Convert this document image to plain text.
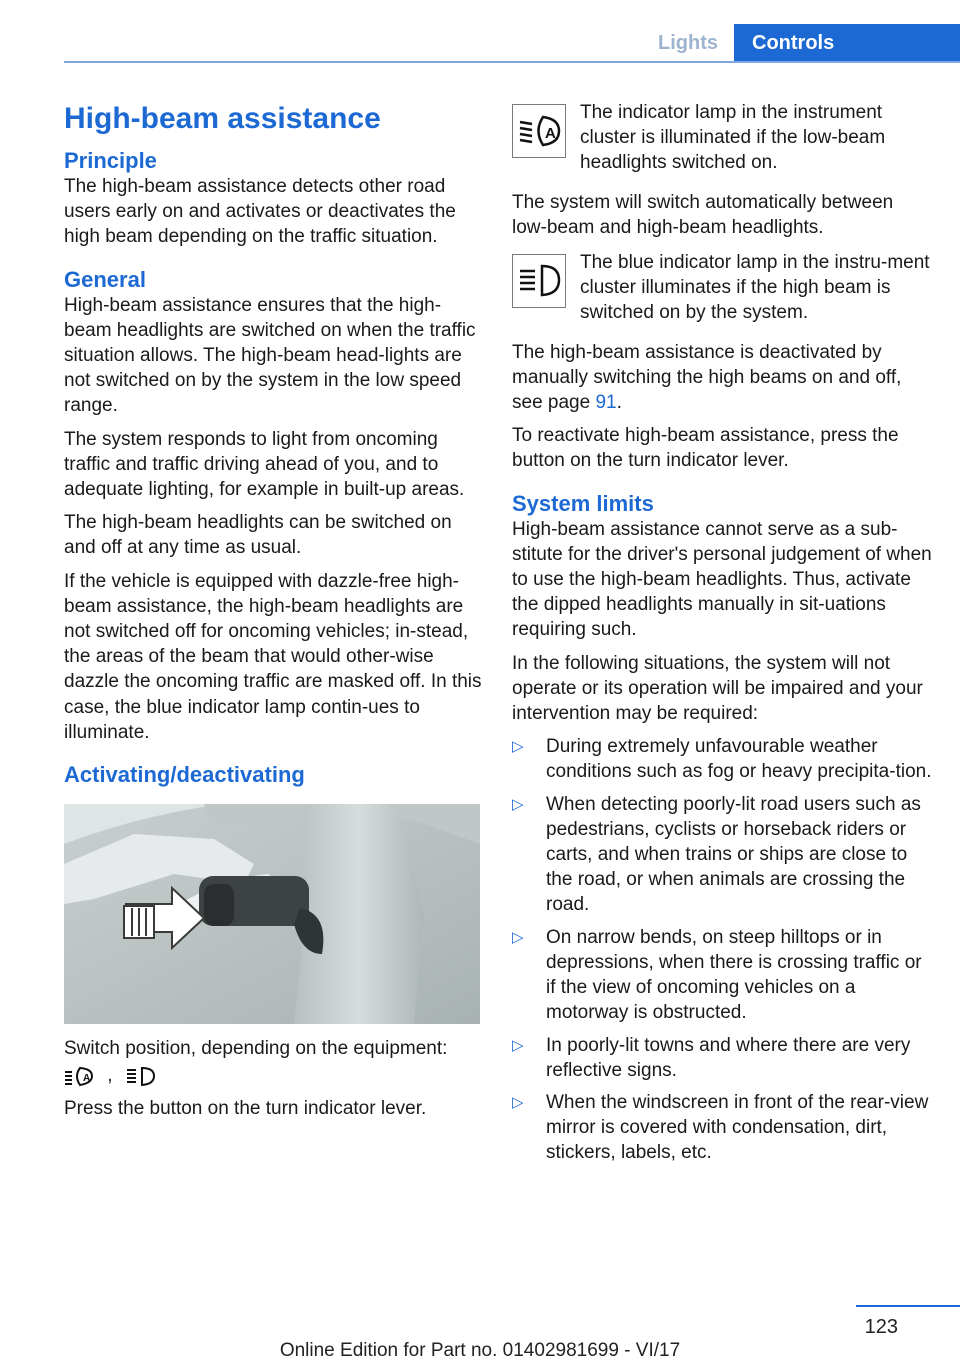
Lights	Controls
High-beam assistance
Principle

The high-beam assistance detects other road users early on and activates or deactivates the high beam depending on the traffic situation.

General

High-beam assistance ensures that the high-beam headlights are switched on when the traffic situation allows. The high-beam head-lights are not switched on by the system in the low speed range.

The system responds to light from oncoming traffic and traffic driving ahead of you, and to adequate lighting, for example in built-up areas.

The high-beam headlights can be switched on and off at any time as usual.

If the vehicle is equipped with dazzle-free high-beam assistance, the high-beam headlights are not switched off for oncoming vehicles; in-stead, the areas of the beam that would other-wise dazzle the oncoming traffic are masked off. In this case, the blue indicator lamp contin-ues to illuminate.

Activating/deactivating

Switch position, depending on the equipment:

A ,

Press the button on the turn indicator lever.

A
The indicator lamp in the instrument cluster is illuminated if the low-beam headlights switched on.

The system will switch automatically between low-beam and high-beam headlights.

The blue indicator lamp in the instru-ment cluster illuminates if the high beam is switched on by the system.

The high-beam assistance is deactivated by manually switching the high beams on and off, see page 91.

To reactivate high-beam assistance, press the button on the turn indicator lever.

System limits

High-beam assistance cannot serve as a sub-stitute for the driver's personal judgement of when to use the high-beam headlights. Thus, activate the dipped headlights manually in sit-uations requiring such.

In the following situations, the system will not operate or its operation will be impaired and your intervention may be required:

▷ During extremely unfavourable weather conditions such as fog or heavy precipita-tion.
▷ When detecting poorly-lit road users such as pedestrians, cyclists or horseback riders or carts, and when trains or ships are close to the road, or when animals are crossing the road.
▷ On narrow bends, on steep hilltops or in depressions, when there is crossing traffic or if the view of oncoming vehicles on a motorway is obstructed.
▷ In poorly-lit towns and where there are very reflective signs.
▷ When the windscreen in front of the rear-view mirror is covered with condensation, dirt, stickers, labels, etc.
123
Online Edition for Part no. 01402981699 - VI/17
